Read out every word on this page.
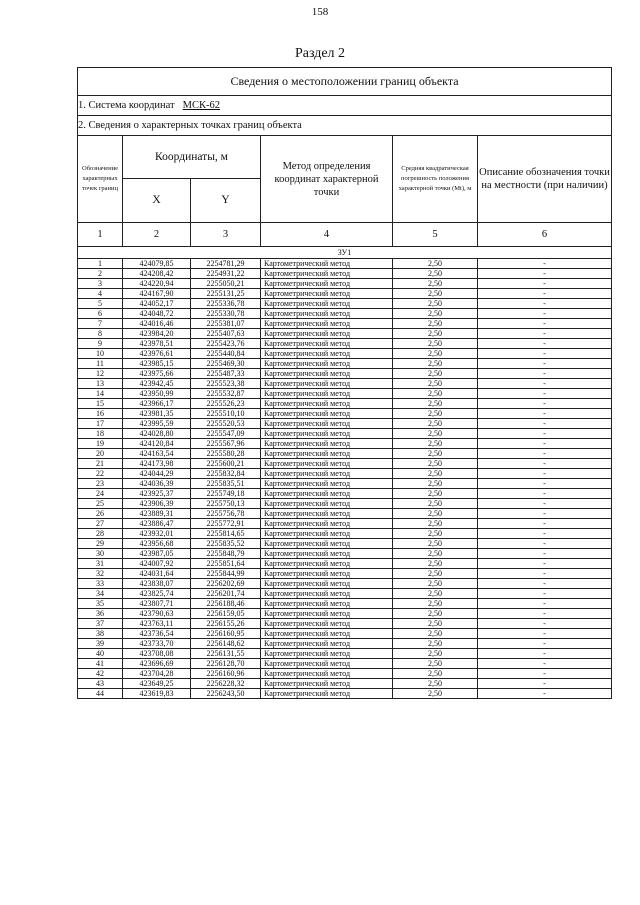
158
Раздел 2
Сведения о местоположении границ объекта					
1. Система координат МСК-62					
2. Сведения о характерных точках границ объекта					
Обозначение характерных точек границ	Координаты, м		Метод определения координат характерной точки	Средняя квадратическая погрешность положения характерной точки (Mt), м	Описание обозначения точки на местности (при наличии)
	X	Y			
1	2	3	4	5	6
ЗУ1					
1	424079,85	2254781,29	Картометрический метод	2,50	-
2	424208,42	2254931,22	Картометрический метод	2,50	-
3	424220,94	2255050,21	Картометрический метод	2,50	-
4	424167,90	2255131,25	Картометрический метод	2,50	-
5	424052,17	2255336,78	Картометрический метод	2,50	-
6	424048,72	2255330,78	Картометрический метод	2,50	-
7	424016,46	2255381,07	Картометрический метод	2,50	-
8	423984,20	2255407,63	Картометрический метод	2,50	-
9	423978,51	2255423,76	Картометрический метод	2,50	-
10	423976,61	2255440,84	Картометрический метод	2,50	-
11	423985,15	2255469,30	Картометрический метод	2,50	-
12	423975,66	2255487,33	Картометрический метод	2,50	-
13	423942,45	2255523,38	Картометрический метод	2,50	-
14	423950,99	2255532,87	Картометрический метод	2,50	-
15	423966,17	2255526,23	Картометрический метод	2,50	-
16	423981,35	2255510,10	Картометрический метод	2,50	-
17	423995,59	2255520,53	Картометрический метод	2,50	-
18	424028,80	2255547,09	Картометрический метод	2,50	-
19	424120,84	2255567,96	Картометрический метод	2,50	-
20	424163,54	2255580,28	Картометрический метод	2,50	-
21	424173,98	2255600,21	Картометрический метод	2,50	-
22	424044,29	2255832,84	Картометрический метод	2,50	-
23	424036,39	2255835,51	Картометрический метод	2,50	-
24	423925,37	2255749,18	Картометрический метод	2,50	-
25	423906,39	2255750,13	Картометрический метод	2,50	-
26	423889,31	2255756,78	Картометрический метод	2,50	-
27	423886,47	2255772,91	Картометрический метод	2,50	-
28	423932,01	2255814,65	Картометрический метод	2,50	-
29	423956,68	2255835,52	Картометрический метод	2,50	-
30	423987,05	2255848,79	Картометрический метод	2,50	-
31	424007,92	2255851,64	Картометрический метод	2,50	-
32	424031,64	2255844,99	Картометрический метод	2,50	-
33	423838,07	2256202,69	Картометрический метод	2,50	-
34	423825,74	2256201,74	Картометрический метод	2,50	-
35	423807,71	2256188,46	Картометрический метод	2,50	-
36	423790,63	2256159,05	Картометрический метод	2,50	-
37	423763,11	2256155,26	Картометрический метод	2,50	-
38	423736,54	2256160,95	Картометрический метод	2,50	-
39	423733,70	2256148,62	Картометрический метод	2,50	-
40	423708,08	2256131,55	Картометрический метод	2,50	-
41	423696,69	2256128,70	Картометрический метод	2,50	-
42	423704,28	2256160,96	Картометрический метод	2,50	-
43	423649,25	2256228,32	Картометрический метод	2,50	-
44	423619,83	2256243,50	Картометрический метод	2,50	-
